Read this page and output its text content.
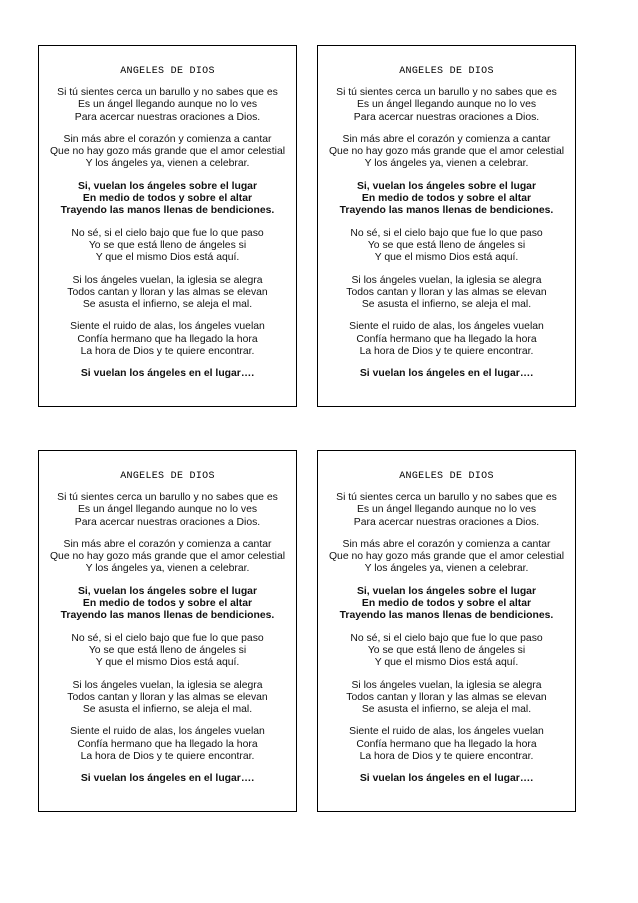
ANGELES DE DIOS
Si tú sientes cerca un barullo y no sabes que es
Es un ángel llegando aunque no lo ves
Para acercar nuestras oraciones a Dios.
Sin más abre el corazón y comienza a cantar
Que no hay gozo más grande que el amor celestial
Y los ángeles ya, vienen a celebrar.
Si, vuelan los ángeles sobre el lugar
En medio de todos y sobre el altar
Trayendo las manos llenas de bendiciones.
No sé, si el cielo bajo que fue lo que paso
Yo se que está lleno de ángeles si
Y que el mismo Dios está aquí.
Si los ángeles vuelan, la iglesia se alegra
Todos cantan y lloran y las almas se elevan
Se asusta el infierno, se aleja el mal.
Siente el ruido de alas, los ángeles vuelan
Confía hermano que ha llegado la hora
La hora de Dios y te quiere encontrar.
Si vuelan los ángeles en el lugar….
ANGELES DE DIOS
Si tú sientes cerca un barullo y no sabes que es
Es un ángel llegando aunque no lo ves
Para acercar nuestras oraciones a Dios.
Sin más abre el corazón y comienza a cantar
Que no hay gozo más grande que el amor celestial
Y los ángeles ya, vienen a celebrar.
Si, vuelan los ángeles sobre el lugar
En medio de todos y sobre el altar
Trayendo las manos llenas de bendiciones.
No sé, si el cielo bajo que fue lo que paso
Yo se que está lleno de ángeles si
Y que el mismo Dios está aquí.
Si los ángeles vuelan, la iglesia se alegra
Todos cantan y lloran y las almas se elevan
Se asusta el infierno, se aleja el mal.
Siente el ruido de alas, los ángeles vuelan
Confía hermano que ha llegado la hora
La hora de Dios y te quiere encontrar.
Si vuelan los ángeles en el lugar….
ANGELES DE DIOS
Si tú sientes cerca un barullo y no sabes que es
Es un ángel llegando aunque no lo ves
Para acercar nuestras oraciones a Dios.
Sin más abre el corazón y comienza a cantar
Que no hay gozo más grande que el amor celestial
Y los ángeles ya, vienen a celebrar.
Si, vuelan los ángeles sobre el lugar
En medio de todos y sobre el altar
Trayendo las manos llenas de bendiciones.
No sé, si el cielo bajo que fue lo que paso
Yo se que está lleno de ángeles si
Y que el mismo Dios está aquí.
Si los ángeles vuelan, la iglesia se alegra
Todos cantan y lloran y las almas se elevan
Se asusta el infierno, se aleja el mal.
Siente el ruido de alas, los ángeles vuelan
Confía hermano que ha llegado la hora
La hora de Dios y te quiere encontrar.
Si vuelan los ángeles en el lugar….
ANGELES DE DIOS
Si tú sientes cerca un barullo y no sabes que es
Es un ángel llegando aunque no lo ves
Para acercar nuestras oraciones a Dios.
Sin más abre el corazón y comienza a cantar
Que no hay gozo más grande que el amor celestial
Y los ángeles ya, vienen a celebrar.
Si, vuelan los ángeles sobre el lugar
En medio de todos y sobre el altar
Trayendo las manos llenas de bendiciones.
No sé, si el cielo bajo que fue lo que paso
Yo se que está lleno de ángeles si
Y que el mismo Dios está aquí.
Si los ángeles vuelan, la iglesia se alegra
Todos cantan y lloran y las almas se elevan
Se asusta el infierno, se aleja el mal.
Siente el ruido de alas, los ángeles vuelan
Confía hermano que ha llegado la hora
La hora de Dios y te quiere encontrar.
Si vuelan los ángeles en el lugar….
